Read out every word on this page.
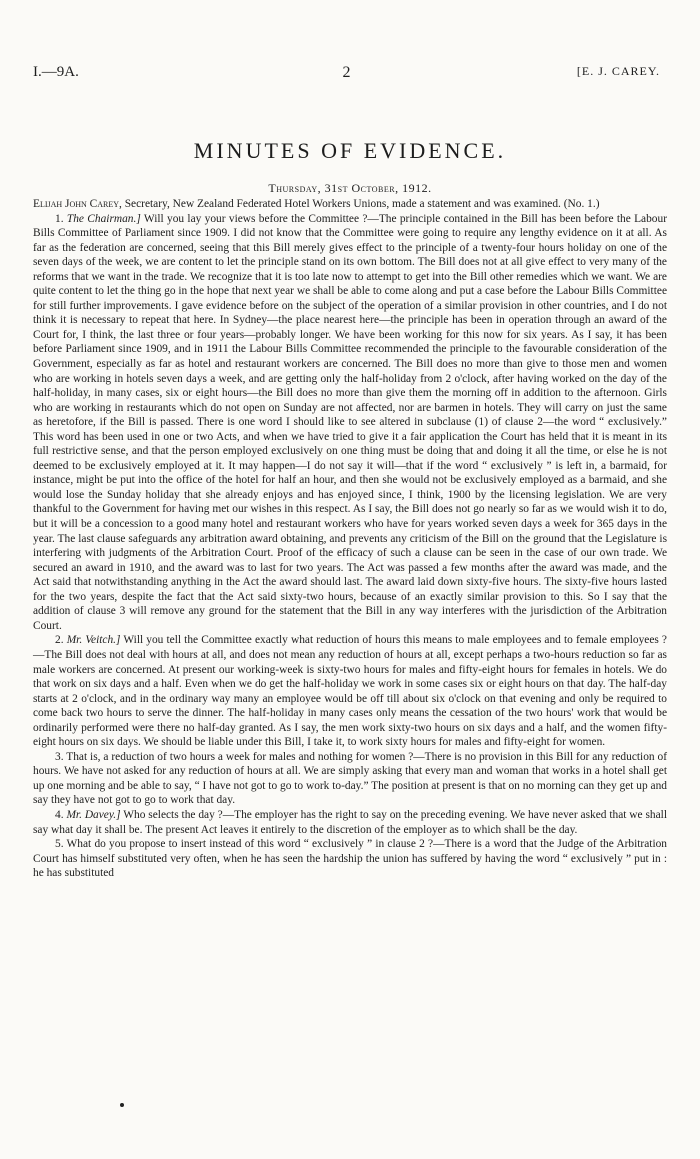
I.—9A.	2	[E. J. CAREY.
MINUTES OF EVIDENCE.
Thursday, 31st October, 1912.

Elijah John Carey, Secretary, New Zealand Federated Hotel Workers Unions, made a statement and was examined. (No. 1.)

1. The Chairman.] Will you lay your views before the Committee ?—The principle contained in the Bill has been before the Labour Bills Committee of Parliament since 1909. I did not know that the Committee were going to require any lengthy evidence on it at all. As far as the federation are concerned, seeing that this Bill merely gives effect to the principle of a twenty-four hours holiday on one of the seven days of the week, we are content to let the principle stand on its own bottom. The Bill does not at all give effect to very many of the reforms that we want in the trade. We recognize that it is too late now to attempt to get into the Bill other remedies which we want. We are quite content to let the thing go in the hope that next year we shall be able to come along and put a case before the Labour Bills Committee for still further improvements. I gave evidence before on the subject of the operation of a similar provision in other countries, and I do not think it is necessary to repeat that here. In Sydney—the place nearest here—the principle has been in operation through an award of the Court for, I think, the last three or four years—probably longer. We have been working for this now for six years. As I say, it has been before Parliament since 1909, and in 1911 the Labour Bills Committee recommended the principle to the favourable consideration of the Government, especially as far as hotel and restaurant workers are concerned. The Bill does no more than give to those men and women who are working in hotels seven days a week, and are getting only the half-holiday from 2 o'clock, after having worked on the day of the half-holiday, in many cases, six or eight hours—the Bill does no more than give them the morning off in addition to the afternoon. Girls who are working in restaurants which do not open on Sunday are not affected, nor are barmen in hotels. They will carry on just the same as heretofore, if the Bill is passed. There is one word I should like to see altered in subclause (1) of clause 2—the word “ exclusively.” This word has been used in one or two Acts, and when we have tried to give it a fair application the Court has held that it is meant in its full restrictive sense, and that the person employed exclusively on one thing must be doing that and doing it all the time, or else he is not deemed to be exclusively employed at it. It may happen—I do not say it will—that if the word “ exclusively ” is left in, a barmaid, for instance, might be put into the office of the hotel for half an hour, and then she would not be exclusively employed as a barmaid, and she would lose the Sunday holiday that she already enjoys and has enjoyed since, I think, 1900 by the licensing legislation. We are very thankful to the Government for having met our wishes in this respect. As I say, the Bill does not go nearly so far as we would wish it to do, but it will be a concession to a good many hotel and restaurant workers who have for years worked seven days a week for 365 days in the year. The last clause safeguards any arbitration award obtaining, and prevents any criticism of the Bill on the ground that the Legislature is interfering with judgments of the Arbitration Court. Proof of the efficacy of such a clause can be seen in the case of our own trade. We secured an award in 1910, and the award was to last for two years. The Act was passed a few months after the award was made, and the Act said that notwithstanding anything in the Act the award should last. The award laid down sixty-five hours. The sixty-five hours lasted for the two years, despite the fact that the Act said sixty-two hours, because of an exactly similar provision to this. So I say that the addition of clause 3 will remove any ground for the statement that the Bill in any way interferes with the jurisdiction of the Arbitration Court.

2. Mr. Veitch.] Will you tell the Committee exactly what reduction of hours this means to male employees and to female employees ?—The Bill does not deal with hours at all, and does not mean any reduction of hours at all, except perhaps a two-hours reduction so far as male workers are concerned. At present our working-week is sixty-two hours for males and fifty-eight hours for females in hotels. We do that work on six days and a half. Even when we do get the half-holiday we work in some cases six or eight hours on that day. The half-day starts at 2 o'clock, and in the ordinary way many an employee would be off till about six o'clock on that evening and only be required to come back two hours to serve the dinner. The half-holiday in many cases only means the cessation of the two hours' work that would be ordinarily performed were there no half-day granted. As I say, the men work sixty-two hours on six days and a half, and the women fifty-eight hours on six days. We should be liable under this Bill, I take it, to work sixty hours for males and fifty-eight for women.

3. That is, a reduction of two hours a week for males and nothing for women ?—There is no provision in this Bill for any reduction of hours. We have not asked for any reduction of hours at all. We are simply asking that every man and woman that works in a hotel shall get up one morning and be able to say, “ I have not got to go to work to-day.” The position at present is that on no morning can they get up and say they have not got to go to work that day.

4. Mr. Davey.] Who selects the day ?—The employer has the right to say on the preceding evening. We have never asked that we shall say what day it shall be. The present Act leaves it entirely to the discretion of the employer as to which shall be the day.

5. What do you propose to insert instead of this word “ exclusively ” in clause 2 ?—There is a word that the Judge of the Arbitration Court has himself substituted very often, when he has seen the hardship the union has suffered by having the word “ exclusively ” put in : he has substituted
